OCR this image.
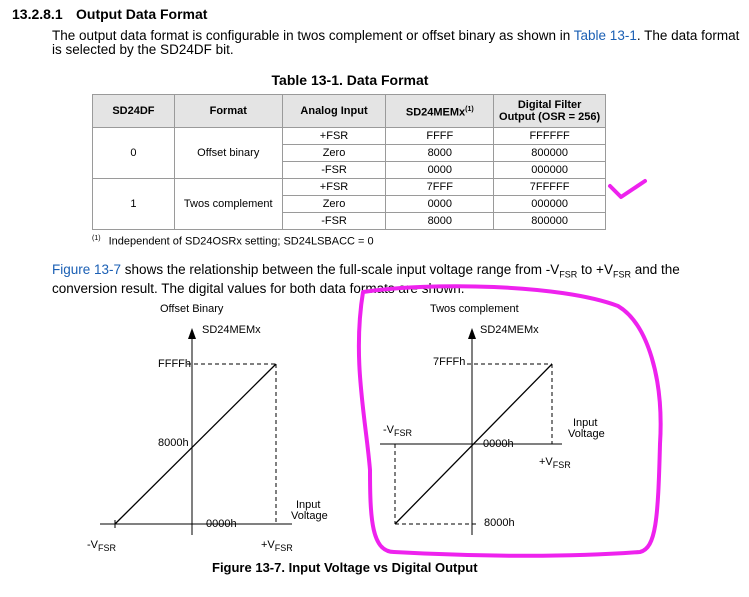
13.2.8.1 Output Data Format
The output data format is configurable in twos complement or offset binary as shown in Table 13-1. The data format is selected by the SD24DF bit.
Table 13-1. Data Format
SD24DF	Format	Analog Input	SD24MEMx$^{(1)}$	Digital Filter
Output (OSR = 256)
0	Offset binary	+FSR	FFFF	FFFFFF
		Zero	8000	800000
		-FSR	0000	000000
1	Twos complement	+FSR	7FFF	7FFFFF
		Zero	0000	000000
		-FSR	8000	800000
$^{(1)}$ Independent of SD24OSRx setting; SD24LSBACC = 0
Figure 13-7 shows the relationship between the full-scale input voltage range from $-V_{FSR}$ to $+V_{FSR}$ and the
conversion result. The digital values for both data formats are shown.
Offset Binary
SD24MEMx
FFFFh
8000h
0000h
Input
Voltage
$-V_{FSR}$	$+V_{FSR}$
Twos complement
SD24MEMx
7FFFh
0000h
8000h
Input
Voltage
$-V_{FSR}$
$+V_{FSR}$
Figure 13-7. Input Voltage vs Digital Output
